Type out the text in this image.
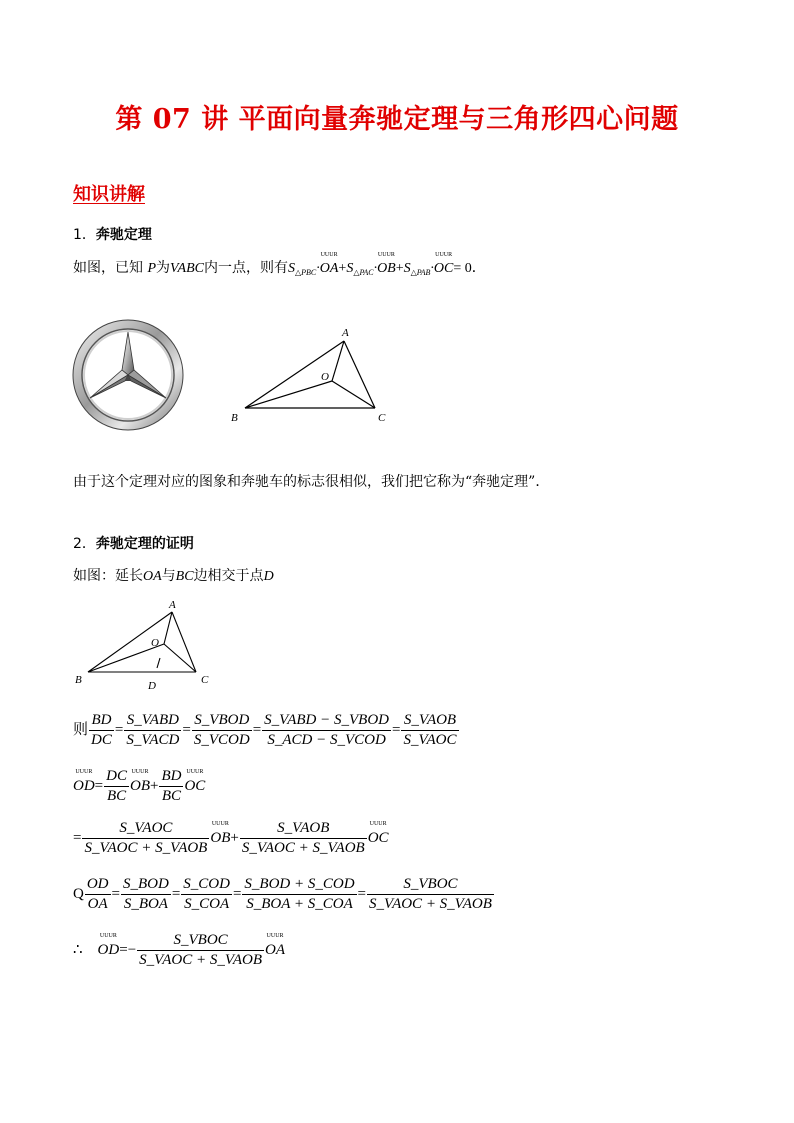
第 07 讲 平面向量奔驰定理与三角形四心问题
知识讲解
1．奔驰定理
如图，已知 P为VABC内一点，则有$S_{\triangle PBC}\cdot UUUR$ $OA+S_{\triangle PAC}\cdot UUUR$ $OB+S_{\triangle PAB}\cdot UUUR$ OC= 0．
A
O
B	C
由于这个定理对应的图象和奔驰车的标志很相似，我们把它称为“奔驰定理”．
2．奔驰定理的证明
如图：延长OA与BC边相交于点D
A
O
B	D	C
则 $\frac{BD}{DC} = \frac{\text{S\_VABD}}{\text{S\_VACD}} = \frac{\text{S\_VBOD}}{\text{S\_VCOD}} = \frac{\text{S\_VABD − S\_VBOD}}{\text{S\_ACD − S\_VCOD}} = \frac{\text{S\_VAOB}}{\text{S\_VAOC}}$
UUUR $OD= \frac{DC}{BC}$ UUUR $OB+ \frac{BD}{BC}$ UUUR OC
= $\frac{\text{S\_VAOC}}{\text{S\_VAOC + S\_VAOB}}$ UUUR $OB+ \frac{\text{S\_VAOB}}{\text{S\_VAOC + S\_VAOB}}$ UUUR OC
Q $\frac{OD}{OA} = \frac{\text{S\_BOD}}{\text{S\_BOA}} = \frac{\text{S\_COD}}{\text{S\_COA}} = \frac{\text{S\_BOD + S\_COD}}{\text{S\_BOA + S\_COA}} = \frac{\text{S\_VBOC}}{\text{S\_VAOC + S\_VAOB}}$
∴ UUUR $OD=- \frac{\text{S\_VBOC}}{\text{S\_VAOC + S\_VAOB}}$ UUUR OA
